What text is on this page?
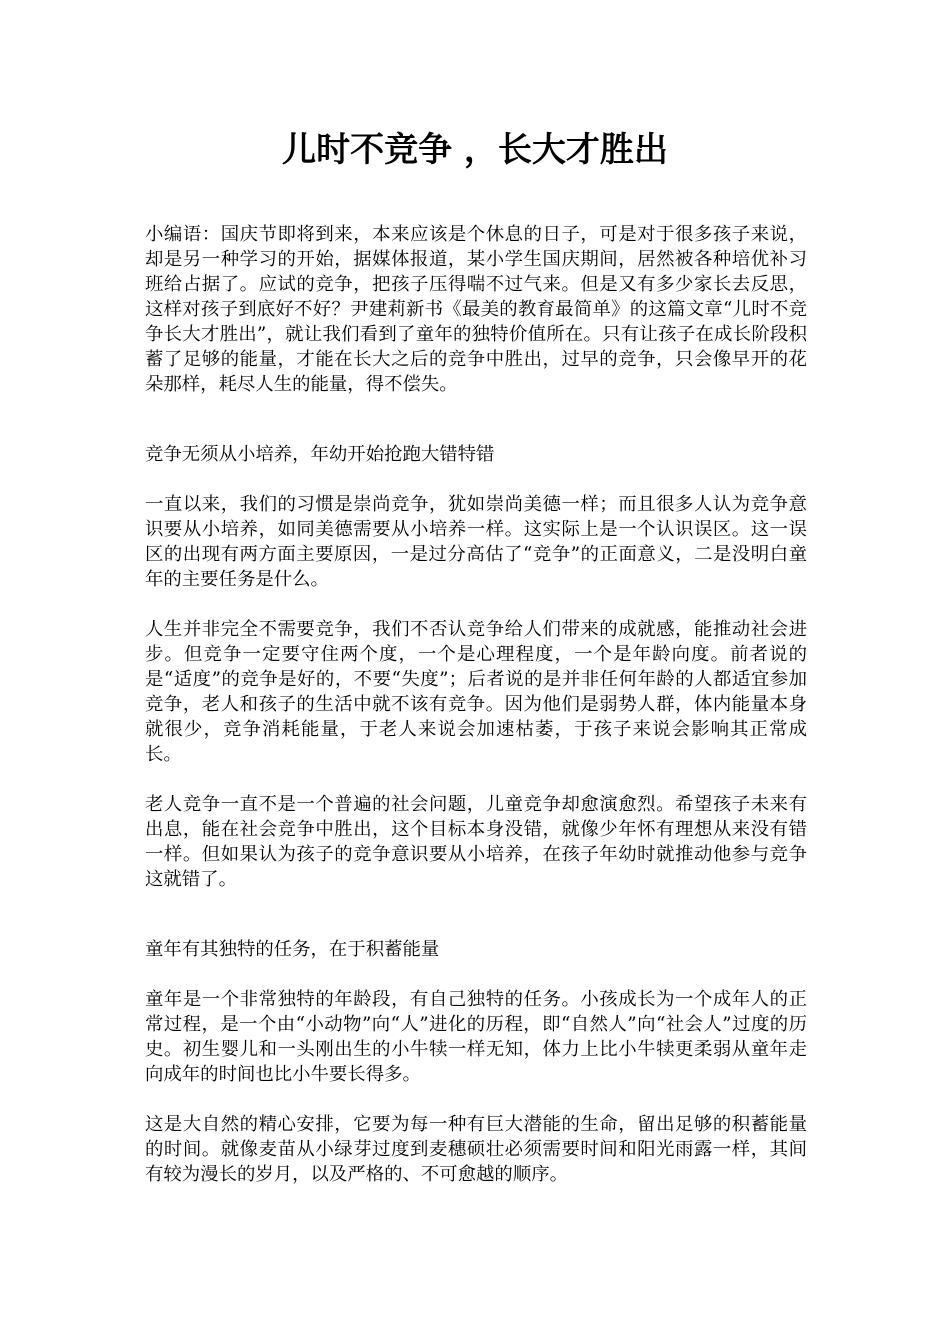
儿时不竞争 ，长大才胜出

小编语：国庆节即将到来，本来应该是个休息的日子，可是对于很多孩子来说，却是另一种学习的开始，据媒体报道，某小学生国庆期间，居然被各种培优补习班给占据了。应试的竞争，把孩子压得喘不过气来。但是又有多少家长去反思，这样对孩子到底好不好？尹建莉新书《最美的教育最简单》的这篇文章“儿时不竞争长大才胜出”，就让我们看到了童年的独特价值所在。只有让孩子在成长阶段积蓄了足够的能量，才能在长大之后的竞争中胜出，过早的竞争，只会像早开的花朵那样，耗尽人生的能量，得不偿失。

竞争无须从小培养，年幼开始抢跑大错特错

一直以来，我们的习惯是崇尚竞争，犹如崇尚美德一样；而且很多人认为竞争意识要从小培养，如同美德需要从小培养一样。这实际上是一个认识误区。这一误区的出现有两方面主要原因，一是过分高估了“竞争”的正面意义，二是没明白童年的主要任务是什么。

人生并非完全不需要竞争，我们不否认竞争给人们带来的成就感，能推动社会进步。但竞争一定要守住两个度，一个是心理程度，一个是年龄向度。前者说的是“适度”的竞争是好的，不要“失度”；后者说的是并非任何年龄的人都适宜参加竞争，老人和孩子的生活中就不该有竞争。因为他们是弱势人群，体内能量本身就很少，竞争消耗能量，于老人来说会加速枯萎，于孩子来说会影响其正常成长。

老人竞争一直不是一个普遍的社会问题，儿童竞争却愈演愈烈。希望孩子未来有出息，能在社会竞争中胜出，这个目标本身没错，就像少年怀有理想从来没有错一样。但如果认为孩子的竞争意识要从小培养，在孩子年幼时就推动他参与竞争这就错了。

童年有其独特的任务，在于积蓄能量

童年是一个非常独特的年龄段，有自己独特的任务。小孩成长为一个成年人的正常过程，是一个由“小动物”向“人”进化的历程，即“自然人”向“社会人”过度的历史。初生婴儿和一头刚出生的小牛犊一样无知，体力上比小牛犊更柔弱从童年走向成年的时间也比小牛要长得多。

这是大自然的精心安排，它要为每一种有巨大潜能的生命，留出足够的积蓄能量的时间。就像麦苗从小绿芽过度到麦穗硕壮必须需要时间和阳光雨露一样，其间有较为漫长的岁月，以及严格的、不可愈越的顺序。
